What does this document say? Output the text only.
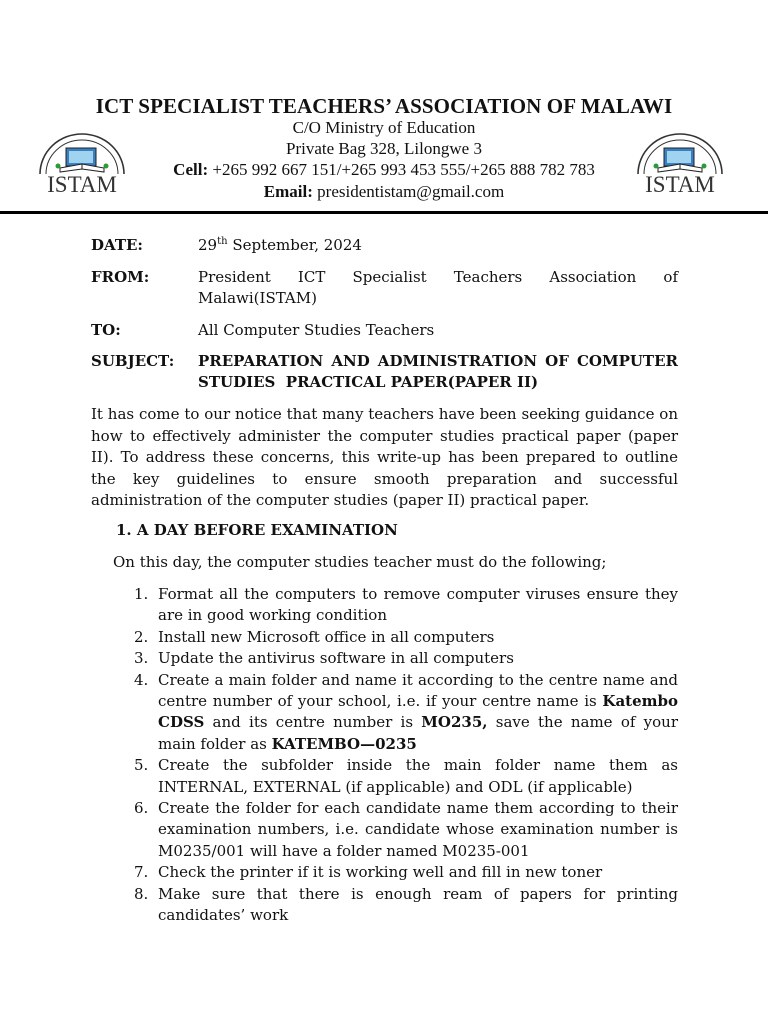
ICT SPECIALIST TEACHERS’ ASSOCIATION OF MALAWI
C/O Ministry of Education
Private Bag 328, Lilongwe 3
Cell: +265 992 667 151/+265 993 453 555/+265 888 782 783
Email: presidentistam@gmail.com
ISTAM	ISTAM
DATE:	29th September, 2024
FROM:	President ICT Specialist Teachers Association of
Malawi(ISTAM)
TO:	All Computer Studies Teachers
SUBJECT: PREPARATION AND ADMINISTRATION OF COMPUTER
STUDIES  PRACTICAL PAPER(PAPER II)
It has come to our notice that many teachers have been seeking guidance on how to effectively administer the computer studies practical paper (paper II). To address these concerns, this write-up has been prepared to outline the key guidelines to ensure smooth preparation and successful administration of the computer studies (paper II) practical paper.
1. A DAY BEFORE EXAMINATION
On this day, the computer studies teacher must do the following;
1. Format all the computers to remove computer viruses ensure they are in good working condition
2. Install new Microsoft office in all computers
3. Update the antivirus software in all computers
4. Create a main folder and name it according to the centre name and centre number of your school, i.e. if your centre name is Katembo CDSS and its centre number is MO235, save the name of your main folder as KATEMBO—0235
5. Create the subfolder inside the main folder name them as INTERNAL, EXTERNAL (if applicable) and ODL (if applicable)
6. Create the folder for each candidate name them according to their examination numbers, i.e. candidate whose examination number is M0235/001 will have a folder named M0235-001
7. Check the printer if it is working well and fill in new toner
8. Make sure that there is enough ream of papers for printing candidates’ work
